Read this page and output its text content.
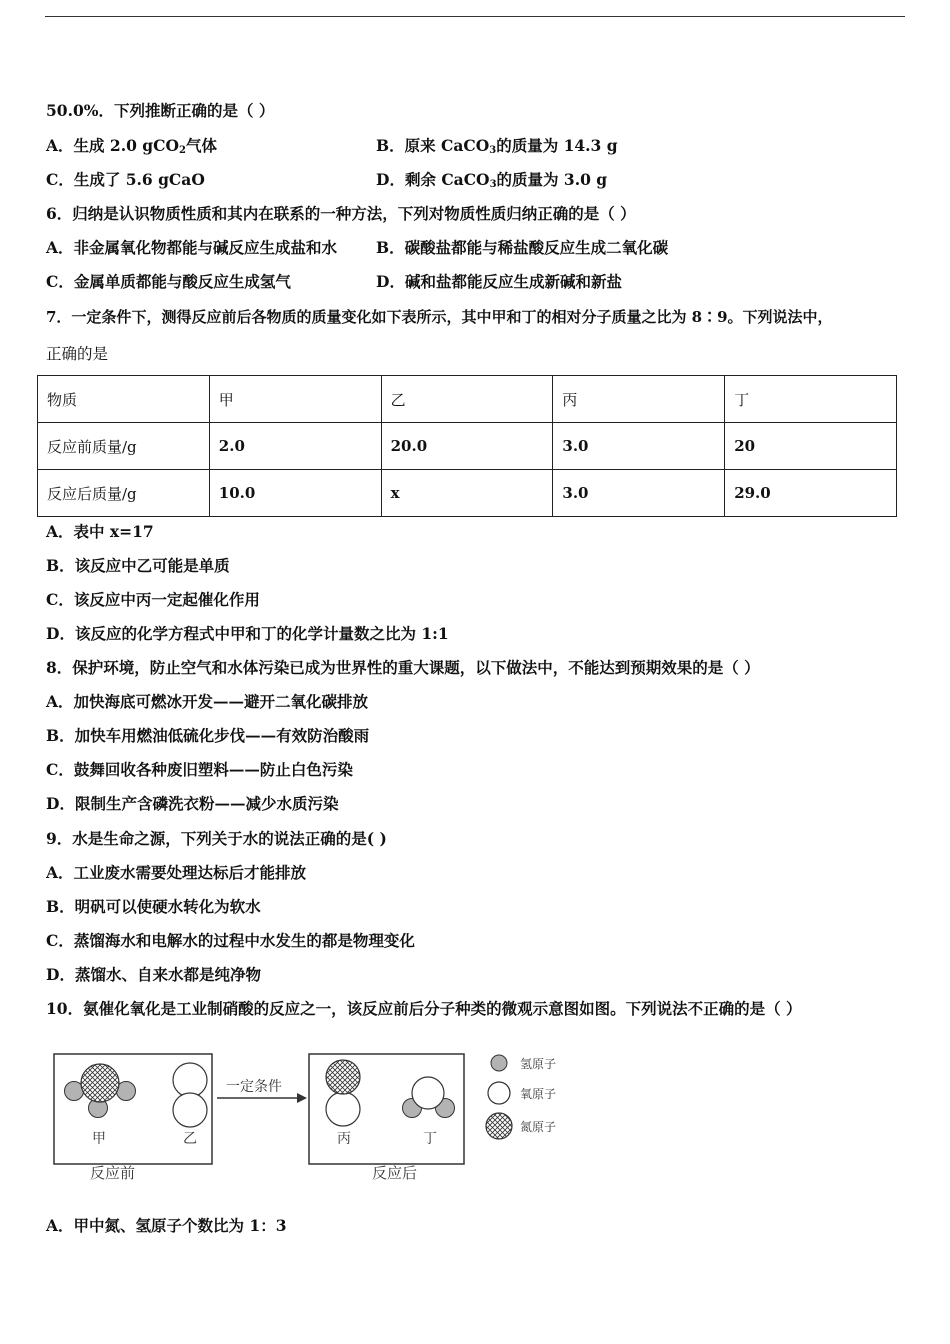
50.0%．下列推断正确的是（ ）
A．生成 2.0 gCO$_2$气体	B．原来 CaCO$_3$的质量为 14.3 g
C．生成了 5.6 gCaO	D．剩余 CaCO$_3$的质量为 3.0 g
6．归纳是认识物质性质和其内在联系的一种方法，下列对物质性质归纳正确的是（ ）
A．非金属氧化物都能与碱反应生成盐和水	B．碳酸盐都能与稀盐酸反应生成二氧化碳
C．金属单质都能与酸反应生成氢气	D．碱和盐都能反应生成新碱和新盐
7．一定条件下，测得反应前后各物质的质量变化如下表所示，其中甲和丁的相对分子质量之比为 8∶9。下列说法中，
正确的是
物质	甲	乙	丙	丁
反应前质量/g	2.0	20.0	3.0	20
反应后质量/g	10.0	x	3.0	29.0
A．表中 x=17
B．该反应中乙可能是单质
C．该反应中丙一定起催化作用
D．该反应的化学方程式中甲和丁的化学计量数之比为 1:1
8．保护环境，防止空气和水体污染已成为世界性的重大课题，以下做法中，不能达到预期效果的是（ ）
A．加快海底可燃冰开发——避开二氧化碳排放
B．加快车用燃油低硫化步伐——有效防治酸雨
C．鼓舞回收各种废旧塑料——防止白色污染
D．限制生产含磷洗衣粉——减少水质污染
9．水是生命之源，下列关于水的说法正确的是( )
A．工业废水需要处理达标后才能排放
B．明矾可以使硬水转化为软水
C．蒸馏海水和电解水的过程中水发生的都是物理变化
D．蒸馏水、自来水都是纯净物
10．氨催化氧化是工业制硝酸的反应之一，该反应前后分子种类的微观示意图如图。下列说法不正确的是（ ）
甲	乙
反应前
一定条件
丙	丁
反应后
氢原子
氧原子
氮原子
A．甲中氮、氢原子个数比为 1：3
